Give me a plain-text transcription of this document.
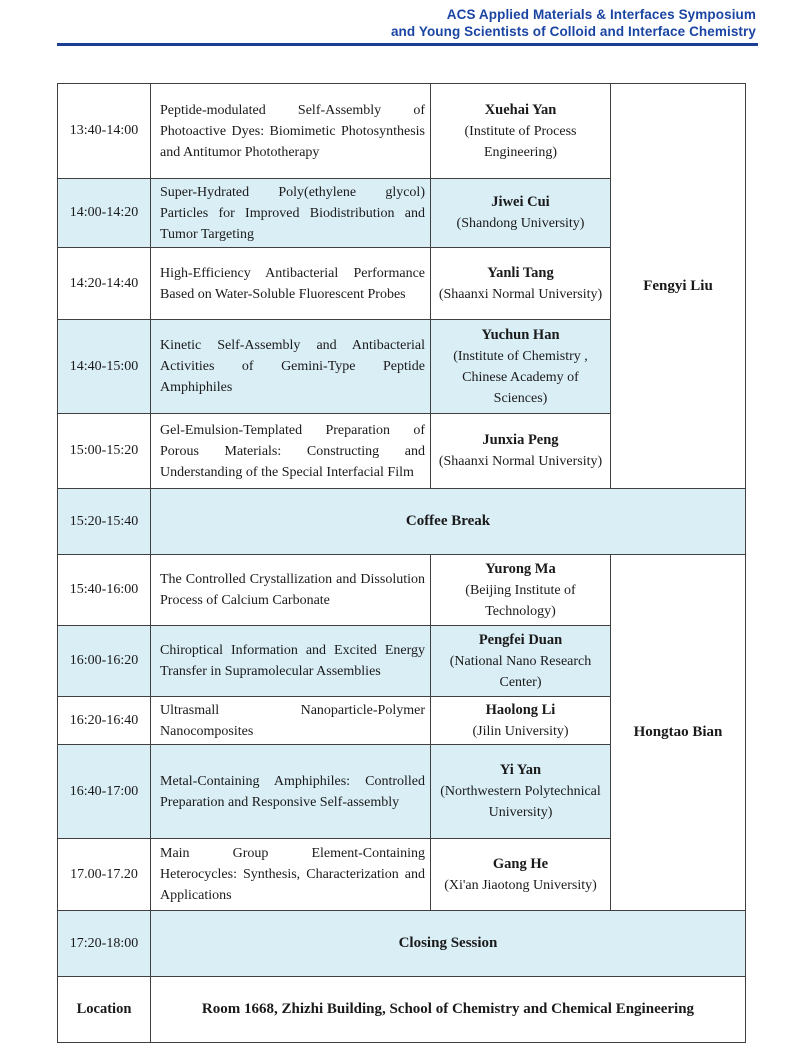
ACS Applied Materials & Interfaces Symposium
and Young Scientists of Colloid and Interface Chemistry
13:40-14:00	Peptide-modulated Self-Assembly of Photoactive Dyes: Biomimetic Photosynthesis and Antitumor Phototherapy	Xuehai Yan
(Institute of Process Engineering)	Fengyi Liu
14:00-14:20	Super-Hydrated Poly(ethylene glycol) Particles for Improved Biodistribution and Tumor Targeting	Jiwei Cui
(Shandong University)	

14:20-14:40	High-Efficiency Antibacterial Performance Based on Water-Soluble Fluorescent Probes	Yanli Tang
(Shaanxi Normal University)	

14:40-15:00	Kinetic Self-Assembly and Antibacterial Activities of Gemini-Type Peptide Amphiphiles	Yuchun Han
(Institute of Chemistry , Chinese Academy of Sciences)	

15:00-15:20	Gel-Emulsion-Templated Preparation of Porous Materials: Constructing and Understanding of the Special Interfacial Film	Junxia Peng
(Shaanxi Normal University)	

15:20-15:40	Coffee Break		
15:40-16:00	The Controlled Crystallization and Dissolution Process of Calcium Carbonate	Yurong Ma
(Beijing Institute of Technology)	Hongtao Bian
16:00-16:20	Chiroptical Information and Excited Energy Transfer in Supramolecular Assemblies	Pengfei Duan
(National Nano Research Center)	

16:20-16:40	Ultrasmall Nanoparticle-Polymer Nanocomposites	Haolong Li
(Jilin University)	

16:40-17:00	Metal-Containing Amphiphiles: Controlled Preparation and Responsive Self-assembly	Yi Yan
(Northwestern Polytechnical University)	

17.00-17.20	Main Group Element-Containing Heterocycles: Synthesis, Characterization and Applications	Gang He
(Xi'an Jiaotong University)	

17:20-18:00	Closing Session		
Location	Room 1668, Zhizhi Building, School of Chemistry and Chemical Engineering		
